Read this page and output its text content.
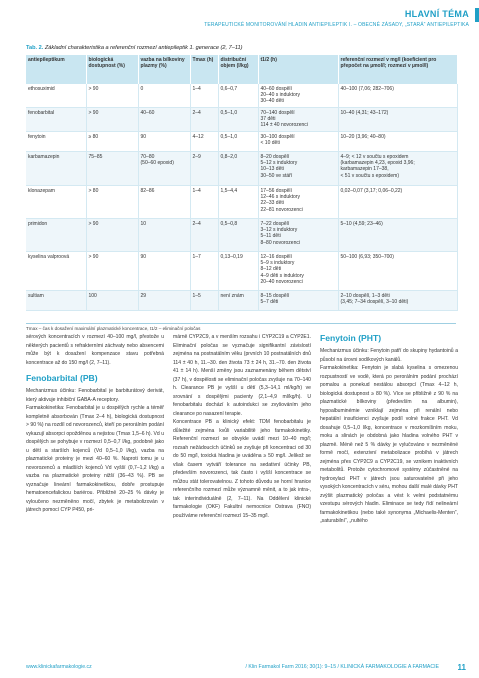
HLAVNÍ TÉMA
TERAPEUTICKÉ MONITOROVÁNÍ HLADIN ANTIEPILEPTIK I. – OBECNÉ ZÁSADY, „STARÁ“ ANTIEPILEPTIKA
Tab. 2. Základní charakteristika a referenční rozmezí antiepileptik 1. generace (2, 7–11)
antiepileptikum	biologická dostupnost (%)	vazba na bílkoviny plazmy (%)	Tmax (h)	distribuční objem (l/kg)	t1/2 (h)	referenční rozmezí v mg/l (koeficient pro přepočet na µmol/l; rozmezí v µmol/l)
ethosuximid	> 90	0	1–4	0,6–0,7	40–60 dospělí
20–40 s induktory
30–40 děti	40–100 (7,06; 282–706)
fenobarbital	> 90	40–60	2–4	0,5–1,0	70–140 dospělí
37 děti
114 ± 40 novorozenci	10–40 (4,31; 43–172)
fenytoin	≥ 80	90	4–12	0,5–1,0	30–100 dospělí
< 10 děti	10–20 (3,96; 40–80)
karbamazepin	75–85	70–80
(50–60 epoxid)	2–9	0,8–2,0	8–20 dospělí
5–12 s induktory
10–13 děti
30–50 ve stáří	4–9; < 12 v součtu s epoxidem
(karbamazepin 4,23, epoxid 3,96;
karbamazepin 17–38,
< 51 v součtu s epoxidem)
klonazepam	> 80	82–86	1–4	1,5–4,4	17–56 dospělí
12–46 s induktory
22–33 děti
22–81 novorozenci	0,02–0,07 (3,17; 0,06–0,22)
primidon	> 90	10	2–4	0,5–0,8	7–22 dospělí
3–12 s induktory
5–11 děti
8–80 novorozenci	5–10 (4,59; 23–46)
kyselina valproová	> 90	90	1–7	0,13–0,19	12–16 dospělí
5–9 s induktory
8–12 děti
4–9 děti s induktory
20–40 novorozenci	50–100 (6,93; 350–700)
sultiam	100	29	1–5	není znám	8–15 dospělí
5–7 děti	2–10 dospělí, 1–3 děti
(3,45; 7–34 dospělí, 3–10 děti)
Tmax – čas k dosažení maximální plazmatické koncentrace, t1/2 – eliminační poločas

sérových koncentracích v rozmezí 40–100 mg/l, přestože u některých pacientů s refrakterními záchvaty nebo absencemi může být k dosažení kompenzace stavu potřebná koncentrace až do 150 mg/l (2, 7–11).

Fenobarbital (PB)

Mechanizmus účinku: Fenobarbital je barbiturátový derivát, který aktivuje inhibiční GABA-A receptory.

Farmakokinetika: Fenobarbital je u dospělých rychle a téměř kompletně absorbován (Tmax 2–4 h), biologická dostupnost > 90 %) na rozdíl od novorozenců, kteří po perorálním podání vykazují absorpci opožděnou a nejistou (Tmax 1,5–6 h). Vd u dospělých se pohybuje v rozmezí 0,5–0,7 l/kg, podobně jako u dětí a starších kojenců (Vd 0,5–1,0 l/kg), vazba na plazmatické proteiny je mezi 40–60 %. Naproti tomu je u novorozenců a mladších kojenců Vd vyšší (0,7–1,2 l/kg) a vazba na plazmatické proteiny nižší (36–43 %). PB se vyznačuje lineární farmakokinetikou, dobře prostupuje hematoencefalickou bariérou. Přibližně 20–25 % dávky je vyloučeno nezměněno močí, zbytek je metabolizován v játrech pomocí CYP P450, pri-

márně CYP2C9, a v menším rozsahu i CYP2C19 a CYP2E1. Eliminační poločas se vyznačuje signifikantní závislostí zejména na postnatálním věku (prvních 10 postnatálních dnů 114 ± 40 h, 11.–30. den života 73 ± 24 h, 31.–70. den života 41 ± 14 h). Menší změny jsou zaznamenány během dětství (37 h), v dospělosti se eliminační poločas zvyšuje na 70–140 h. Clearance PB je vyšší u dětí (5,3–14,1 ml/kg/h) ve srovnání s dospělými pacienty (2,1–4,9 ml/kg/h). U fenobarbitalu dochází k autoindukci se zvyšováním jeho clearance po nasazení terapie.

Koncentrace PB a klinický efekt: TDM fenobarbitalu je důležité zejména kvůli variabilitě jeho farmakokinetiky. Referenční rozmezí se obvykle uvádí mezi 10–40 mg/l; rozsah nežádoucích účinků se zvyšuje při koncentraci od 30 do 50 mg/l, toxická hladina je uváděna ≥ 50 mg/l. Jelikož se však časem vytváří tolerance na sedativní účinky PB, především novorozenci, tak často i vyšší koncentrace se můžou stát tolerovatelnou. Z tohoto důvodu se horní hranice referenčního rozmezí může významně měnit, a to jak intra-, tak interindividuálně (2, 7–11). Na Oddělení klinické farmakologie (OKF) Fakultní nemocnice Ostrava (FNO) používáme referenční rozmezí 15–35 mg/l.

Fenytoin (PHT)

Mechanizmus účinku: Fenytoin patří do skupiny hydantoinů a působí na úrovni sodíkových kanálů.

Farmakokinetika: Fenytoin je slabá kyselina s omezenou rozpustností ve vodě, která po perorálním podání prochází pomalou a ponekud nestálou absorpcí (Tmax 4–12 h, biologická dostupnost ≥ 80 %). Více se přibližně z 90 % na plazmatické bílkoviny (především na albumin), hypoalbuminémie vzniklají zejména při renální nebo hepatální insuficienci zvyšuje podíl volné frakce PHT. Vd dosahuje 0,5–1,0 l/kg, koncentrace v mozkomíšním moku, moku a slinách je obdobná jako hladina volného PHT v plazmě. Méně než 5 % dávky je vylučováno v nezměněné formě močí, extenzivní metabolizace probíhá v játrech zejména přes CYP2C9 a CYP2C19, se vznikem inaktivních metabolitů. Protože cytochromové systémy zúčastněné na hydroxylaci PHT v játrech jsou saturovatelné při jeho vysokých koncentracích v séru, mohou další malé dávky PHT zvýšit plazmatický poločas a vést k velmi podstatnému vzestupu sérových hladin. Eliminace se tedy řídí nelineární farmakokinetikou (nebo také synonyma „Michaelis-Menten“, „saturabilní“, „nultého

www.klinickafarmakologie.cz	/ Klin Farmakol Farm 2016; 30(1): 9–15 / KLINICKÁ FARMAKOLOGIE A FARMACIE 11
